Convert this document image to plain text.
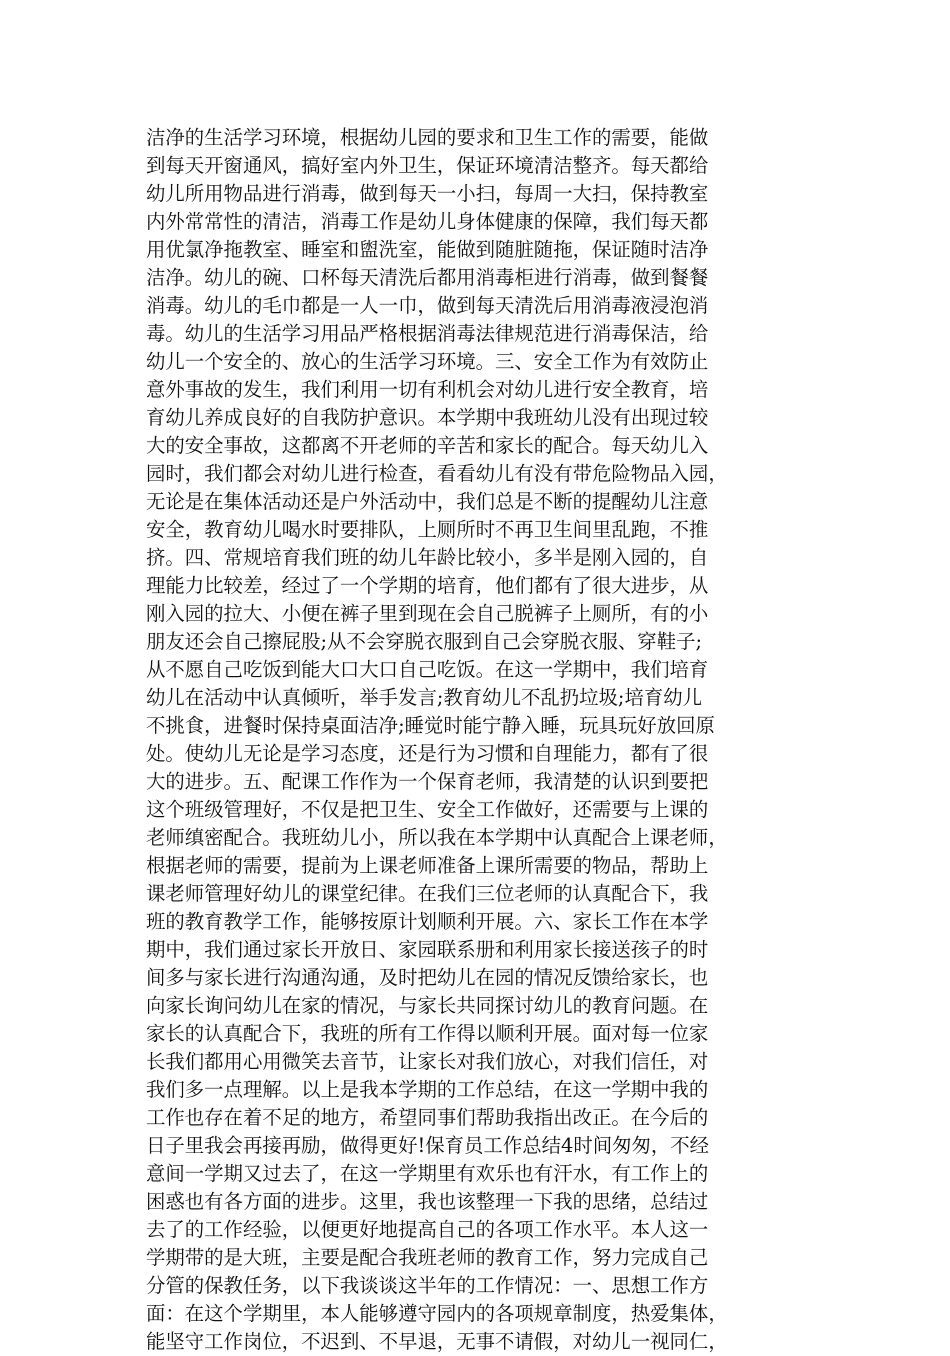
洁净的生活学习环境，根据幼儿园的要求和卫生工作的需要，能做
到每天开窗通风，搞好室内外卫生，保证环境清洁整齐。每天都给
幼儿所用物品进行消毒，做到每天一小扫，每周一大扫，保持教室
内外常常性的清洁，消毒工作是幼儿身体健康的保障，我们每天都
用优氯净拖教室、睡室和盥洗室，能做到随脏随拖，保证随时洁净
洁净。幼儿的碗、口杯每天清洗后都用消毒柜进行消毒，做到餐餐
消毒。幼儿的毛巾都是一人一巾，做到每天清洗后用消毒液浸泡消
毒。幼儿的生活学习用品严格根据消毒法律规范进行消毒保洁，给
幼儿一个安全的、放心的生活学习环境。三、安全工作为有效防止
意外事故的发生，我们利用一切有利机会对幼儿进行安全教育，培
育幼儿养成良好的自我防护意识。本学期中我班幼儿没有出现过较
大的安全事故，这都离不开老师的辛苦和家长的配合。每天幼儿入
园时，我们都会对幼儿进行检查，看看幼儿有没有带危险物品入园，
无论是在集体活动还是户外活动中，我们总是不断的提醒幼儿注意
安全，教育幼儿喝水时要排队，上厕所时不再卫生间里乱跑，不推
挤。四、常规培育我们班的幼儿年龄比较小，多半是刚入园的，自
理能力比较差，经过了一个学期的培育，他们都有了很大进步，从
刚入园的拉大、小便在裤子里到现在会自己脱裤子上厕所，有的小
朋友还会自己擦屁股;从不会穿脱衣服到自己会穿脱衣服、穿鞋子;
从不愿自己吃饭到能大口大口自己吃饭。在这一学期中，我们培育
幼儿在活动中认真倾听，举手发言;教育幼儿不乱扔垃圾;培育幼儿
不挑食，进餐时保持桌面洁净;睡觉时能宁静入睡，玩具玩好放回原
处。使幼儿无论是学习态度，还是行为习惯和自理能力，都有了很
大的进步。五、配课工作作为一个保育老师，我清楚的认识到要把
这个班级管理好，不仅是把卫生、安全工作做好，还需要与上课的
老师缜密配合。我班幼儿小，所以我在本学期中认真配合上课老师，
根据老师的需要，提前为上课老师准备上课所需要的物品，帮助上
课老师管理好幼儿的课堂纪律。在我们三位老师的认真配合下，我
班的教育教学工作，能够按原计划顺利开展。六、家长工作在本学
期中，我们通过家长开放日、家园联系册和利用家长接送孩子的时
间多与家长进行沟通沟通，及时把幼儿在园的情况反馈给家长，也
向家长询问幼儿在家的情况，与家长共同探讨幼儿的教育问题。在
家长的认真配合下，我班的所有工作得以顺利开展。面对每一位家
长我们都用心用微笑去音节，让家长对我们放心，对我们信任，对
我们多一点理解。以上是我本学期的工作总结，在这一学期中我的
工作也存在着不足的地方，希望同事们帮助我指出改正。在今后的
日子里我会再接再励，做得更好!保育员工作总结4时间匆匆，不经
意间一学期又过去了，在这一学期里有欢乐也有汗水，有工作上的
困惑也有各方面的进步。这里，我也该整理一下我的思绪，总结过
去了的工作经验，以便更好地提高自己的各项工作水平。本人这一
学期带的是大班，主要是配合我班老师的教育工作，努力完成自己
分管的保教任务，以下我谈谈这半年的工作情况：一、思想工作方
面：在这个学期里，本人能够遵守园内的各项规章制度，热爱集体，
能坚守工作岗位，不迟到、不早退，无事不请假，对幼儿一视同仁，
